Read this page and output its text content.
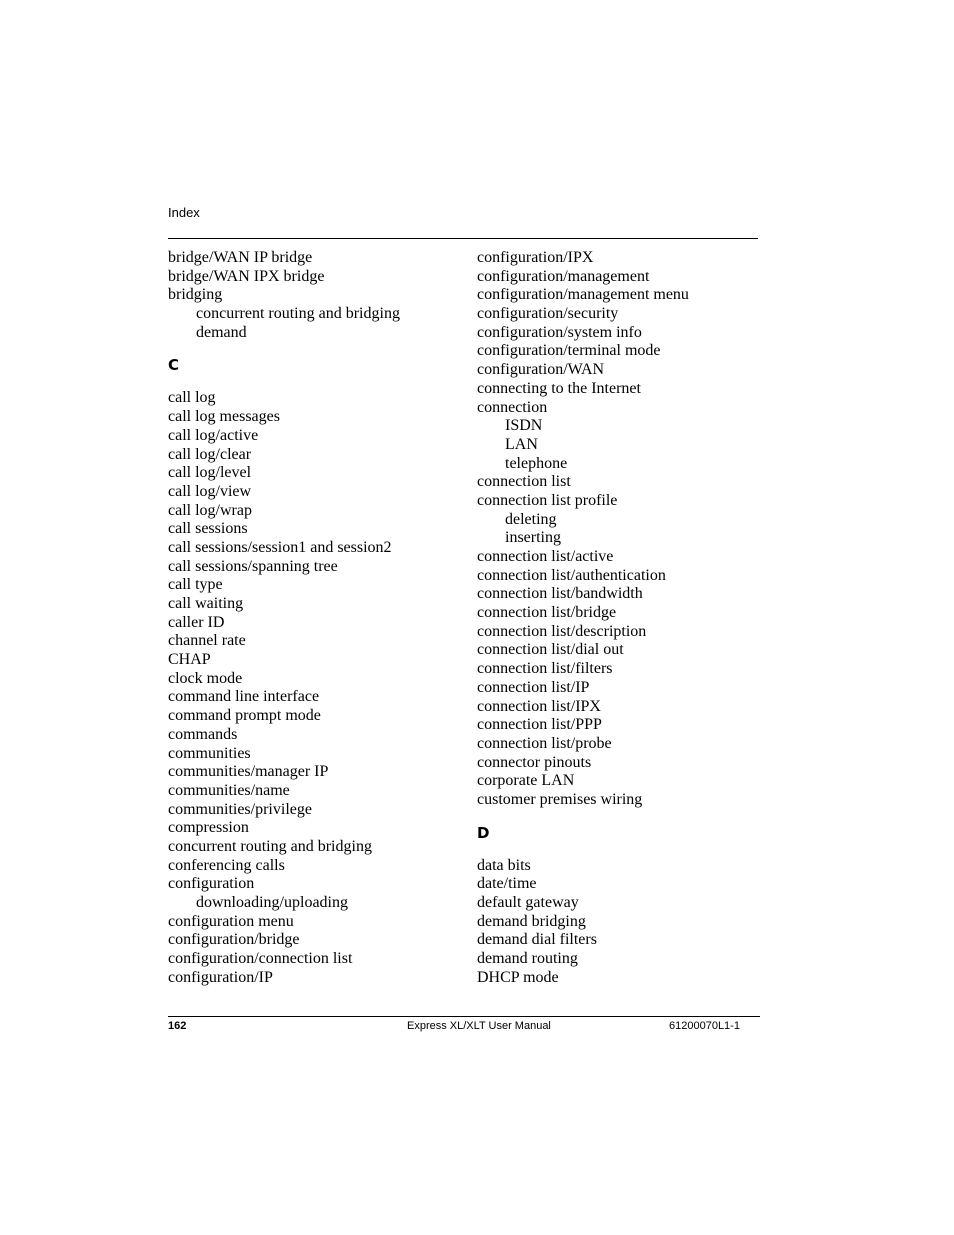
Index
bridge/WAN IP bridge
bridge/WAN IPX bridge
bridging
concurrent routing and bridging
demand
C
call log
call log messages
call log/active
call log/clear
call log/level
call log/view
call log/wrap
call sessions
call sessions/session1 and session2
call sessions/spanning tree
call type
call waiting
caller ID
channel rate
CHAP
clock mode
command line interface
command prompt mode
commands
communities
communities/manager IP
communities/name
communities/privilege
compression
concurrent routing and bridging
conferencing calls
configuration
downloading/uploading
configuration menu
configuration/bridge
configuration/connection list
configuration/IP
configuration/IPX
configuration/management
configuration/management menu
configuration/security
configuration/system info
configuration/terminal mode
configuration/WAN
connecting to the Internet
connection
ISDN
LAN
telephone
connection list
connection list profile
deleting
inserting
connection list/active
connection list/authentication
connection list/bandwidth
connection list/bridge
connection list/description
connection list/dial out
connection list/filters
connection list/IP
connection list/IPX
connection list/PPP
connection list/probe
connector pinouts
corporate LAN
customer premises wiring
D
data bits
date/time
default gateway
demand bridging
demand dial filters
demand routing
DHCP mode
162	Express XL/XLT User Manual	61200070L1-1
